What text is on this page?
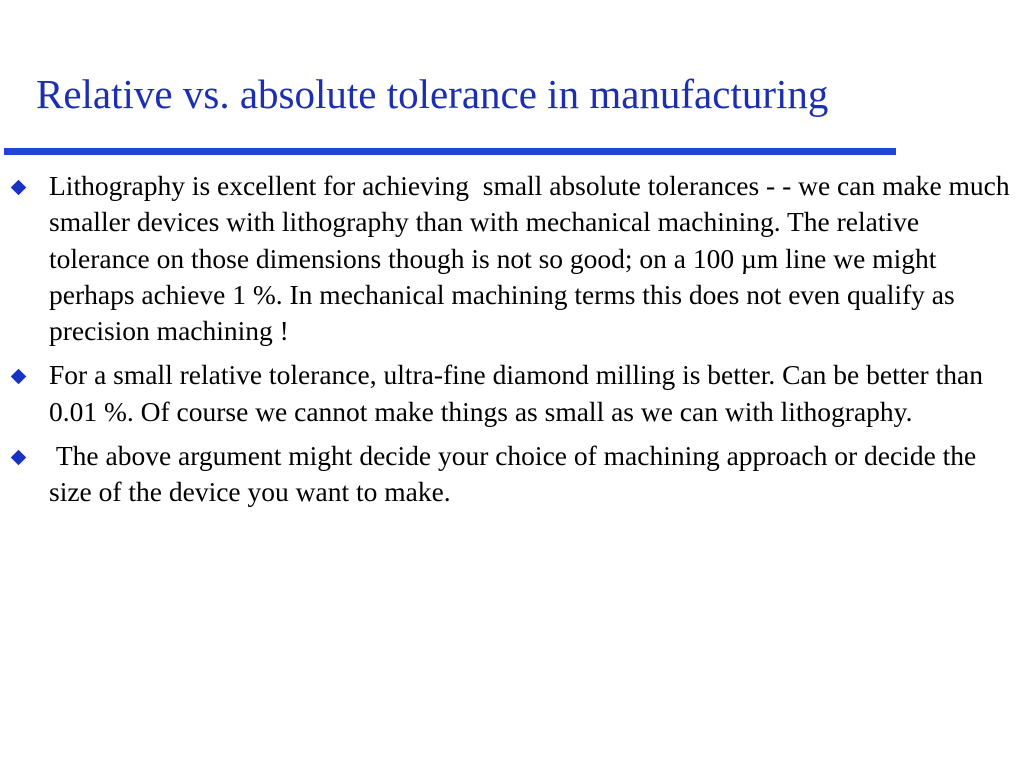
Relative vs. absolute tolerance in manufacturing
Lithography is excellent for achieving  small absolute tolerances - - we can make much smaller devices with lithography than with mechanical machining. The relative tolerance on those dimensions though is not so good; on a 100 µm line we might perhaps achieve 1 %. In mechanical machining terms this does not even qualify as precision machining !
For a small relative tolerance, ultra-fine diamond milling is better. Can be better than  0.01 %. Of course we cannot make things as small as we can with lithography.
The above argument might decide your choice of machining approach or decide the size of the device you want to make.
